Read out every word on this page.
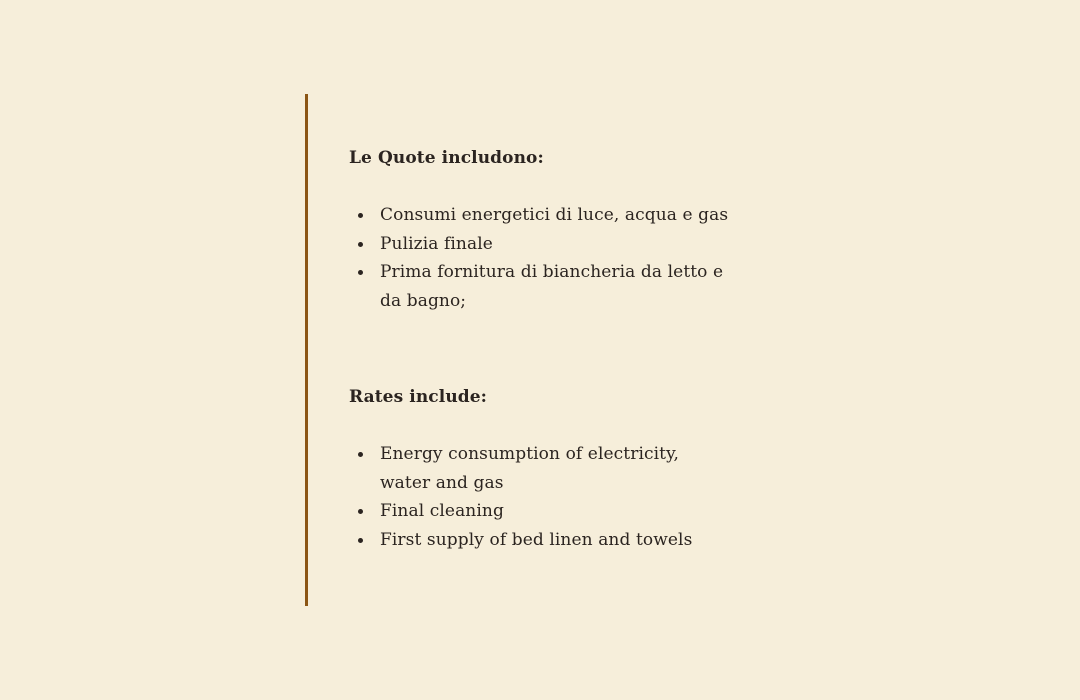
Le Quote includono:

Consumi energetici di luce, acqua e gas
Pulizia finale
Prima fornitura di biancheria da letto e da bagno;

Rates include:

Energy consumption of electricity, water and gas
Final cleaning
First supply of bed linen and towels
